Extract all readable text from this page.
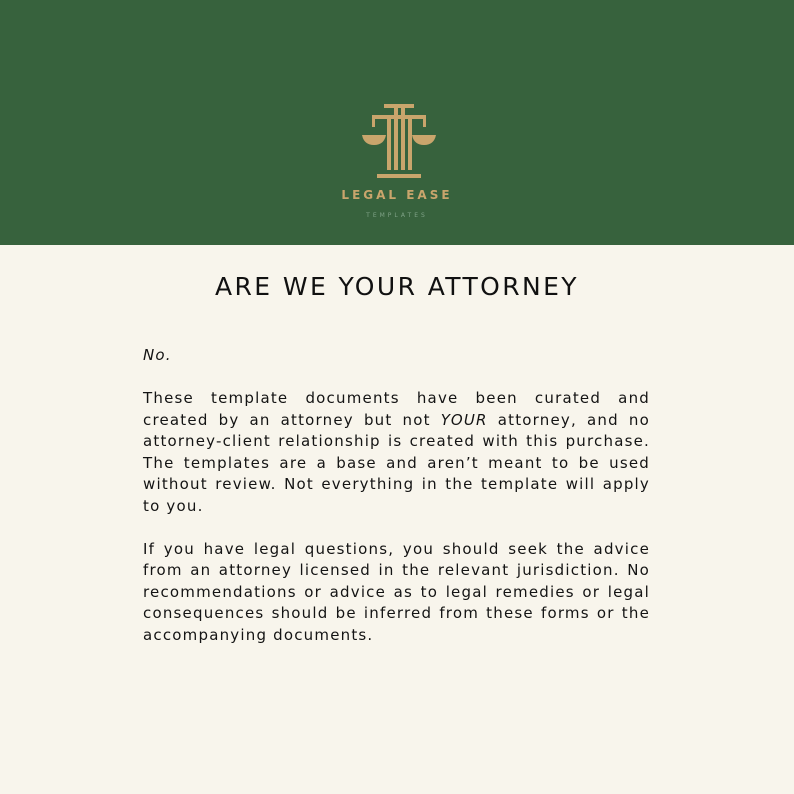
LEGAL EASE
TEMPLATES
ARE WE YOUR ATTORNEY

No.

These template documents have been curated and created by an attorney but not YOUR attorney, and no attorney-client relationship is created with this purchase. The templates are a base and aren’t meant to be used without review. Not everything in the template will apply to you.

If you have legal questions, you should seek the advice from an attorney licensed in the relevant jurisdiction. No recommendations or advice as to legal remedies or legal consequences should be inferred from these forms or the accompanying documents.
